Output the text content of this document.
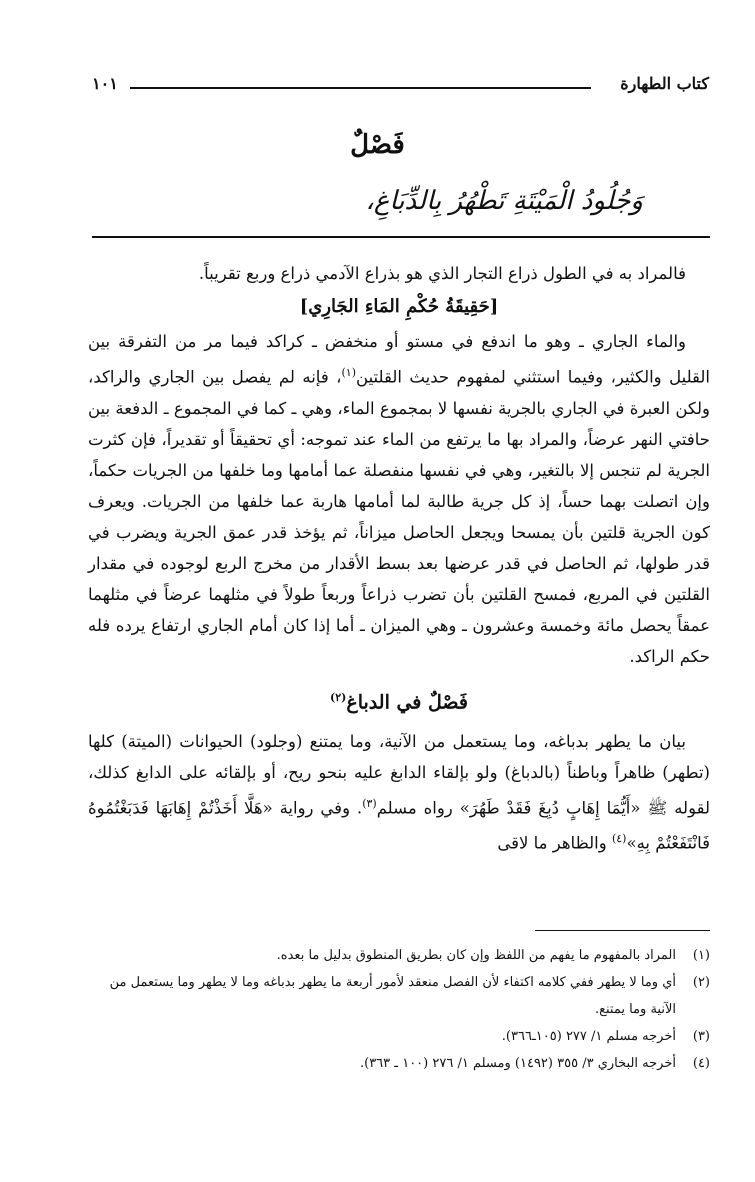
كتاب الطهارة
١٠١
فَصْلٌ
وَجُلُودُ الْمَيْتَةِ تَطْهُرُ بِالدِّبَاغِ،

فالمراد به في الطول ذراع التجار الذي هو بذراع الآدمي ذراع وربع تقريباً.

[حَقِيقَةُ حُكْمِ المَاءِ الجَارِي]

والماء الجاري ـ وهو ما اندفع في مستو أو منخفض ـ كراكد فيما مر من التفرقة بين القليل والكثير، وفيما استثني لمفهوم حديث القلتين$^{(١)}$، فإنه لم يفصل بين الجاري والراكد، ولكن العبرة في الجاري بالجرية نفسها لا بمجموع الماء، وهي ـ كما في المجموع ـ الدفعة بين حافتي النهر عرضاً، والمراد بها ما يرتفع من الماء عند تموجه: أي تحقيقاً أو تقديراً، فإن كثرت الجرية لم تنجس إلا بالتغير، وهي في نفسها منفصلة عما أمامها وما خلفها من الجريات حكماً، وإن اتصلت بهما حساً، إذ كل جرية طالبة لما أمامها هاربة عما خلفها من الجريات. ويعرف كون الجرية قلتين بأن يمسحا ويجعل الحاصل ميزاناً، ثم يؤخذ قدر عمق الجرية ويضرب في قدر طولها، ثم الحاصل في قدر عرضها بعد بسط الأقدار من مخرج الربع لوجوده في مقدار القلتين في المربع، فمسح القلتين بأن تضرب ذراعاً وربعاً طولاً في مثلهما عرضاً في مثلهما عمقاً يحصل مائة وخمسة وعشرون ـ وهي الميزان ـ أما إذا كان أمام الجاري ارتفاع يرده فله حكم الراكد.

فَصْلٌ في الدباغ$^{(٢)}$

بيان ما يطهر بدباغه، وما يستعمل من الآنية، وما يمتنع (وجلود) الحيوانات (الميتة) كلها (تطهر) ظاهراً وباطناً (بالدباغ) ولو بإلقاء الدابغ عليه بنحو ريح، أو بإلقائه على الدابغ كذلك، لقوله ﷺ «أَيُّمَا إِهَابٍ دُبِغَ فَقَدْ طَهُرَ» رواه مسلم$^{(٣)}$. وفي رواية «هَلَّا أَخَذْتُمْ إِهَابَهَا فَدَبَغْتُمُوهُ فَانْتَفَعْتُمْ بِهِ»$^{(٤)}$ والظاهر ما لاقى

(١)
المراد بالمفهوم ما يفهم من اللفظ وإن كان بطريق المنطوق بدليل ما بعده.
(٢)
أي وما لا يطهر ففي كلامه اكتفاء لأن الفصل منعقد لأمور أربعة ما يطهر بدباغه وما لا يطهر وما يستعمل من الآنية وما يمتنع.
(٣)
أخرجه مسلم ١/ ٢٧٧ (١٠٥ـ٣٦٦).
(٤)
أخرجه البخاري ٣/ ٣٥٥ (١٤٩٢) ومسلم ١/ ٢٧٦ (١٠٠ ـ ٣٦٣).
